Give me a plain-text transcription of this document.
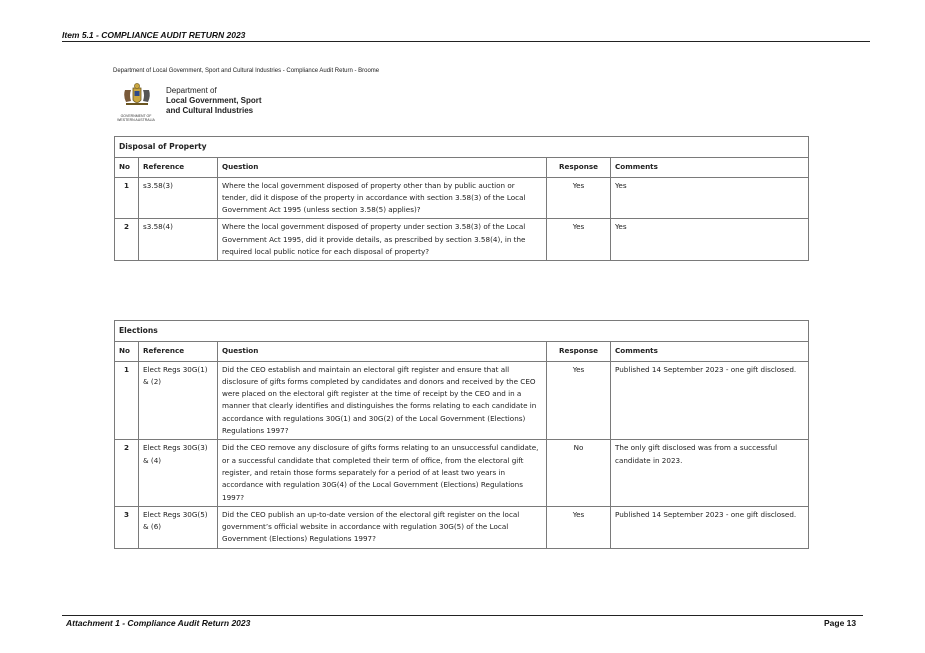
Item 5.1 - COMPLIANCE AUDIT RETURN 2023
Department of Local Government, Sport and Cultural Industries - Compliance Audit Return - Broome
GOVERNMENT OF WESTERN AUSTRALIA
Department of
Local Government, Sport
and Cultural Industries
Disposal of Property				
No	Reference	Question	Response	Comments
1	s3.58(3)	Where the local government disposed of property other than by public auction or tender, did it dispose of the property in accordance with section 3.58(3) of the Local Government Act 1995 (unless section 3.58(5) applies)?	Yes	Yes
2	s3.58(4)	Where the local government disposed of property under section 3.58(3) of the Local Government Act 1995, did it provide details, as prescribed by section 3.58(4), in the required local public notice for each disposal of property?	Yes	Yes
Elections				
No	Reference	Question	Response	Comments
1	Elect Regs 30G(1) & (2)	Did the CEO establish and maintain an electoral gift register and ensure that all disclosure of gifts forms completed by candidates and donors and received by the CEO were placed on the electoral gift register at the time of receipt by the CEO and in a manner that clearly identifies and distinguishes the forms relating to each candidate in accordance with regulations 30G(1) and 30G(2) of the Local Government (Elections) Regulations 1997?	Yes	Published 14 September 2023 - one gift disclosed.
2	Elect Regs 30G(3) & (4)	Did the CEO remove any disclosure of gifts forms relating to an unsuccessful candidate, or a successful candidate that completed their term of office, from the electoral gift register, and retain those forms separately for a period of at least two years in accordance with regulation 30G(4) of the Local Government (Elections) Regulations 1997?	No	The only gift disclosed was from a successful candidate in 2023.
3	Elect Regs 30G(5) & (6)	Did the CEO publish an up-to-date version of the electoral gift register on the local government’s official website in accordance with regulation 30G(5) of the Local Government (Elections) Regulations 1997?	Yes	Published 14 September 2023 - one gift disclosed.
Attachment 1 - Compliance Audit Return 2023	Page 13
